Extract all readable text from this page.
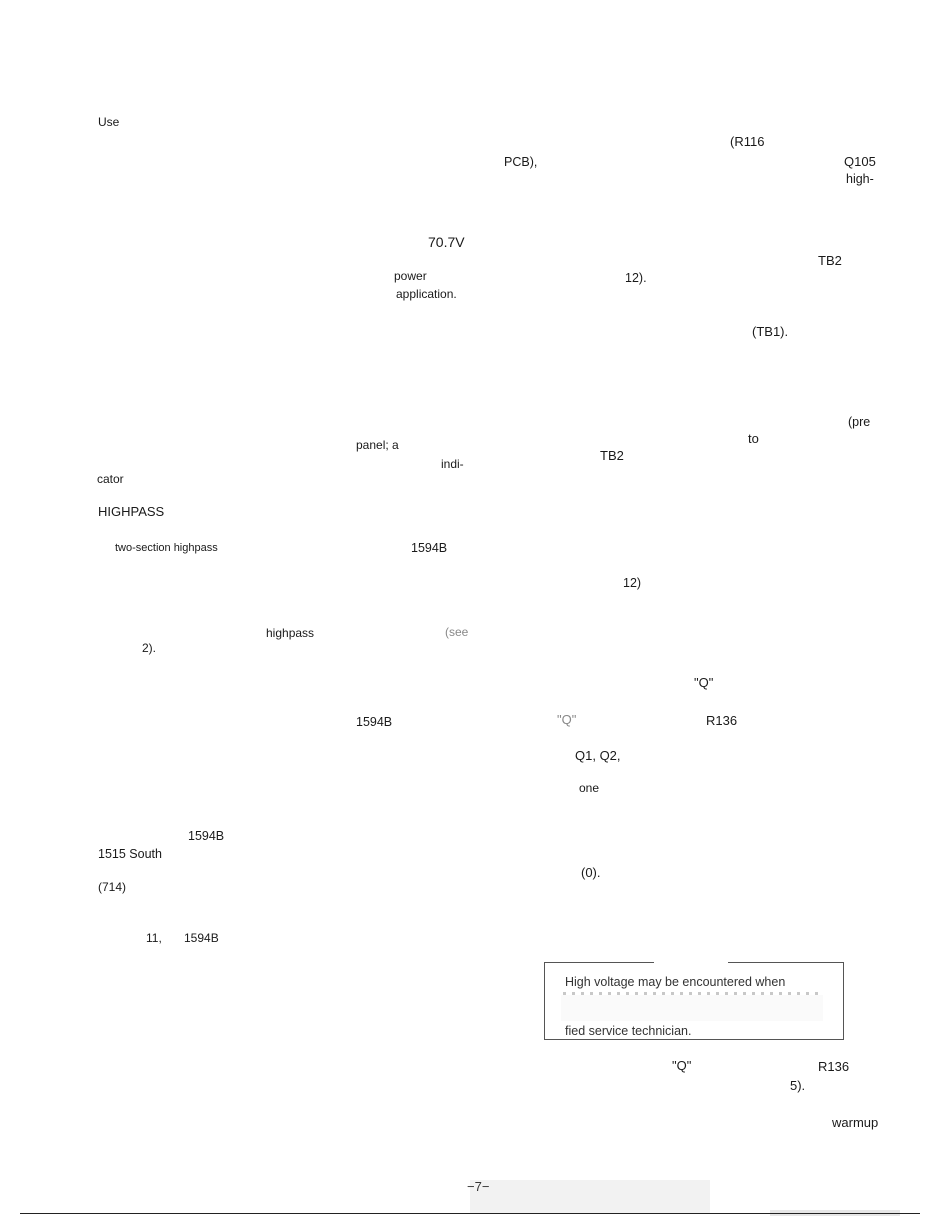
Use
70.7V
power
application.
panel; a
indi-
cator
HIGHPASS
two-section highpass	1594B
highpass	(see
2).
1594B
1594B
1515 South
(714)
11, 1594B
(R116
PCB),	Q105
high-
TB2
12).
(TB1).
(pre
to
TB2
12)
"Q"
"Q"	R136
Q1, Q2,
one
(0).
High voltage may be encountered when
fied service technician.
"Q"	R136
5).
warmup
−7−
